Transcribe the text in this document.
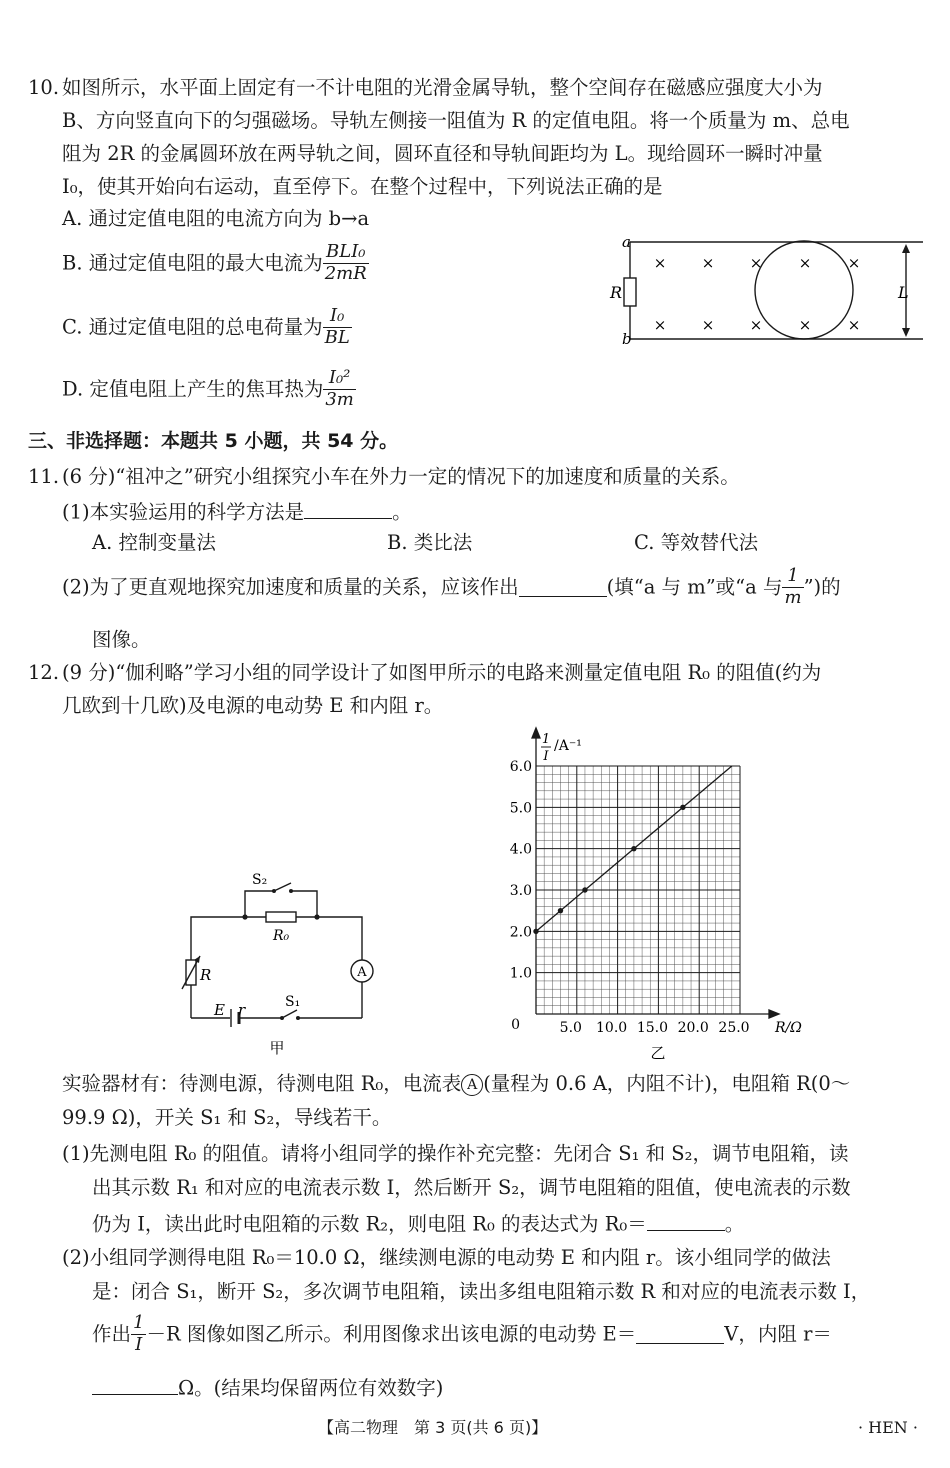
10. 如图所示，水平面上固定有一不计电阻的光滑金属导轨，整个空间存在磁感应强度大小为
B、方向竖直向下的匀强磁场。导轨左侧接一阻值为 R 的定值电阻。将一个质量为 m、总电
阻为 2R 的金属圆环放在两导轨之间，圆环直径和导轨间距均为 L。现给圆环一瞬时冲量
I₀，使其开始向右运动，直至停下。在整个过程中，下列说法正确的是
A. 通过定值电阻的电流方向为 b→a
B. 通过定值电阻的最大电流为 $\frac{\text{BLI₀}}{2mR}$
C. 通过定值电阻的总电荷量为 $\frac{\text{I₀}}{BL}$
D. 定值电阻上产生的焦耳热为 $\frac{\text{I₀²}}{3m}$
a
b
R	L
× × × × ×
× × × × ×
三、非选择题：本题共 5 小题，共 54 分。
11. (6 分)“祖冲之”研究小组探究小车在外力一定的情况下的加速度和质量的关系。
(1)本实验运用的科学方法是	。
A. 控制变量法	B. 类比法	C. 等效替代法
(2)为了更直观地探究加速度和质量的关系，应该作出	(填“a 与 m”或“a 与 $\frac{1}{m}$ ”)的
图像。
12. (9 分)“伽利略”学习小组的同学设计了如图甲所示的电路来测量定值电阻 R₀ 的阻值(约为
几欧到十几欧)及电源的电动势 E 和内阻 r。
S₂
R₀
R	A
E r	S₁
甲
1.0
2.0
3.0
4.0
5.0
6.0
5.0 10.0 15.0 20.0 25.0
0
1
I
/A⁻¹
R/Ω
乙
实验器材有：待测电源，待测电阻 R₀，电流表 A (量程为 0.6 A，内阻不计)，电阻箱 R(0～
99.9 Ω)，开关 S₁ 和 S₂，导线若干。
(1)先测电阻 R₀ 的阻值。请将小组同学的操作补充完整：先闭合 S₁ 和 S₂，调节电阻箱，读
出其示数 R₁ 和对应的电流表示数 I，然后断开 S₂，调节电阻箱的阻值，使电流表的示数
仍为 I，读出此时电阻箱的示数 R₂，则电阻 R₀ 的表达式为 R₀＝	。
(2)小组同学测得电阻 R₀＝10.0 Ω，继续测电源的电动势 E 和内阻 r。该小组同学的做法
是：闭合 S₁，断开 S₂，多次调节电阻箱，读出多组电阻箱示数 R 和对应的电流表示数 I，
作出 $\frac{1}{I} -R$ 图像如图乙所示。利用图像求出该电源的电动势 E＝	V，内阻 r＝
Ω。(结果均保留两位有效数字)
【高二物理　第 3 页(共 6 页)】	· HEN ·
